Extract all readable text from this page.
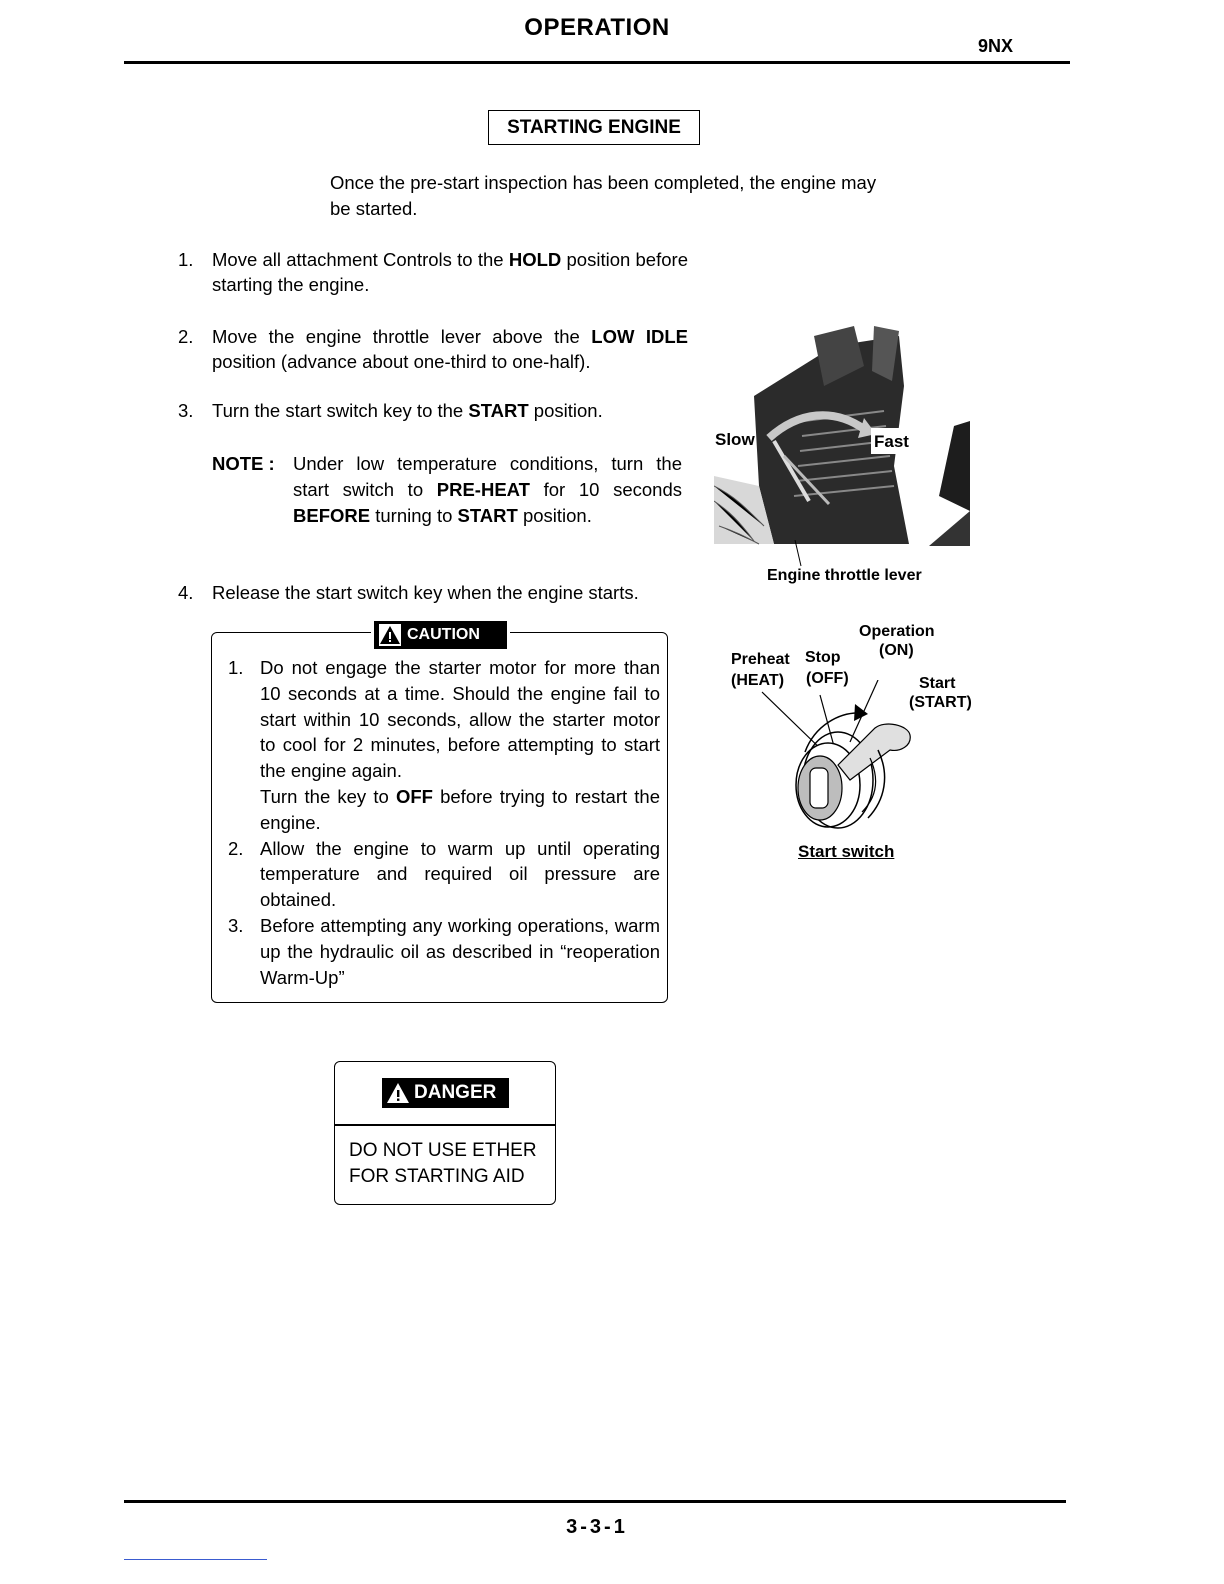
OPERATION
9NX
STARTING ENGINE
Once the pre-start inspection has been completed, the engine may be started.
1.	Move all attachment Controls to the HOLD position before starting the engine.
2.	Move the engine throttle lever above the LOW IDLE position (advance about one-third to one-half).
3.	Turn the start switch key to the START position.
NOTE : Under low temperature conditions, turn the start switch to PRE-HEAT for 10 seconds BEFORE turning to START position.
4.	Release the start switch key when the engine starts.
CAUTION
1. Do not engage the starter motor for more than 10 seconds at a time. Should the engine fail to start within 10 seconds, allow the starter motor to cool for 2 minutes, before attempting to start the engine again.
Turn the key to OFF before trying to restart the engine.
2. Allow the engine to warm up until operating temperature and required oil pressure are obtained.
3. Before attempting any working operations, warm up the hydraulic oil as described in “reoperation Warm-Up”
DANGER
DO NOT USE ETHER
FOR STARTING AID
Slow	Fast
Engine throttle lever
Operation
(ON)
Preheat Stop
(HEAT) (OFF)	Start
(START)
Start switch
3-3-1
